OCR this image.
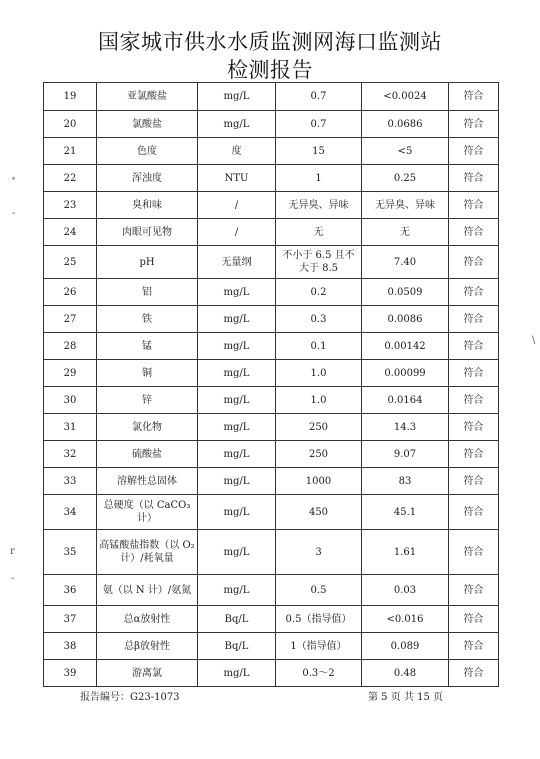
国家城市供水水质监测网海口监测站
检测报告
19	亚氯酸盐	mg/L	0.7	<0.0024	符合
20	氯酸盐	mg/L	0.7	0.0686	符合
21	色度	度	15	<5	符合
22	浑浊度	NTU	1	0.25	符合
23	臭和味	/	无异臭、异味	无异臭、异味	符合
24	肉眼可见物	/	无	无	符合
25	pH	无量纲	不小于 6.5 且不大于 8.5	7.40	符合
26	铝	mg/L	0.2	0.0509	符合
27	铁	mg/L	0.3	0.0086	符合
28	锰	mg/L	0.1	0.00142	符合
29	铜	mg/L	1.0	0.00099	符合
30	锌	mg/L	1.0	0.0164	符合
31	氯化物	mg/L	250	14.3	符合
32	硫酸盐	mg/L	250	9.07	符合
33	溶解性总固体	mg/L	1000	83	符合
34	总硬度（以 CaCO₃ 计）	mg/L	450	45.1	符合
35	高锰酸盐指数（以 O₂ 计）/耗氧量	mg/L	3	1.61	符合
36	氨（以 N 计）/氨氮	mg/L	0.5	0.03	符合
37	总α放射性	Bq/L	0.5（指导值）	<0.016	符合
38	总β放射性	Bq/L	1（指导值）	0.089	符合
39	游离氯	mg/L	0.3～2	0.48	符合
˚
-
r
-
\
报告编号：G23-1073	第 5 页 共 15 页
